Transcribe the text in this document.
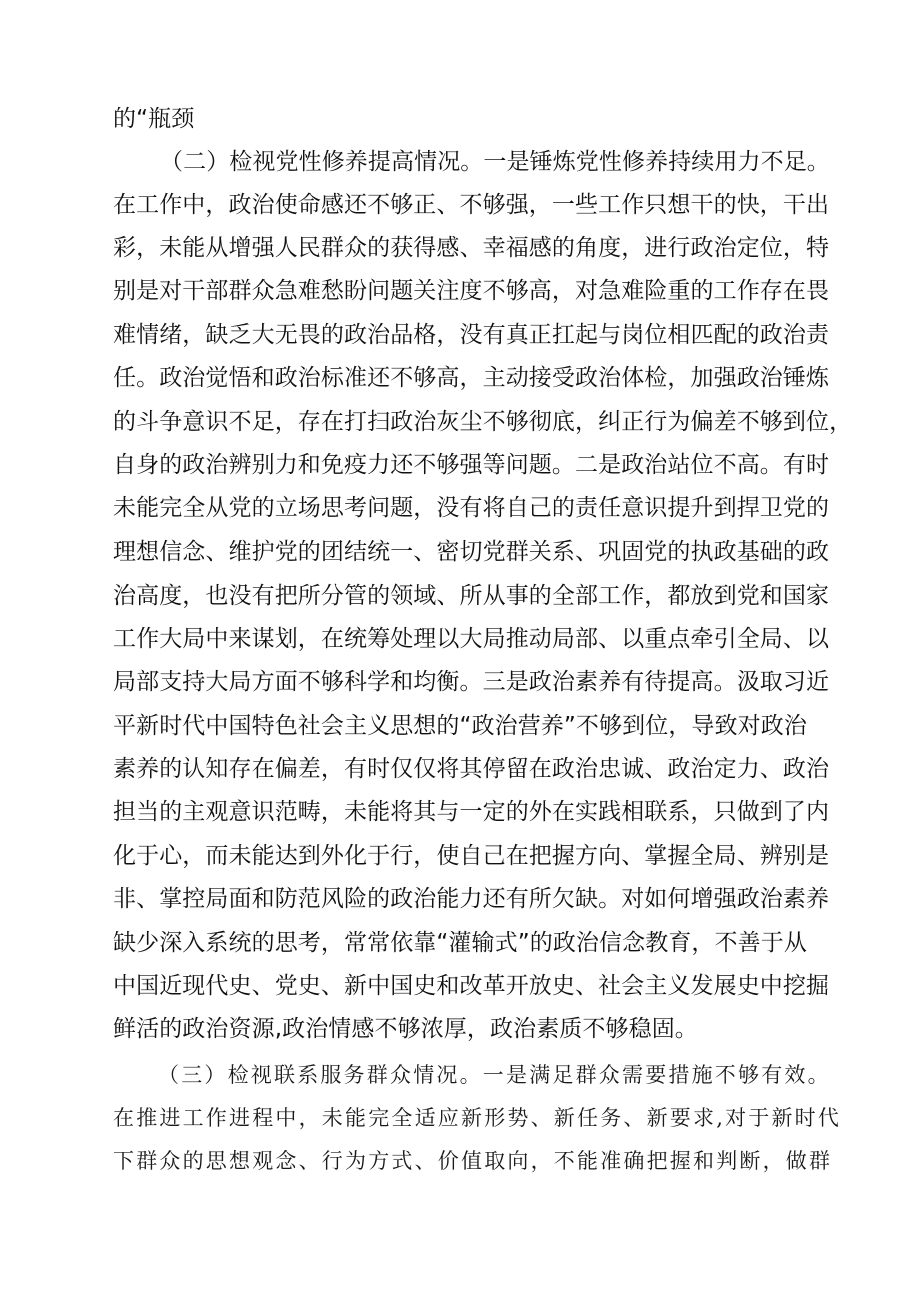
的“瓶颈
（二）检视党性修养提高情况。一是锤炼党性修养持续用力不足。
在工作中，政治使命感还不够正、不够强，一些工作只想干的快，干出
彩，未能从增强人民群众的获得感、幸福感的角度，进行政治定位，特
别是对干部群众急难愁盼问题关注度不够高，对急难险重的工作存在畏
难情绪，缺乏大无畏的政治品格，没有真正扛起与岗位相匹配的政治责
任。政治觉悟和政治标准还不够高，主动接受政治体检，加强政治锤炼
的斗争意识不足，存在打扫政治灰尘不够彻底，纠正行为偏差不够到位，
自身的政治辨别力和免疫力还不够强等问题。二是政治站位不高。有时
未能完全从党的立场思考问题，没有将自己的责任意识提升到捍卫党的
理想信念、维护党的团结统一、密切党群关系、巩固党的执政基础的政
治高度，也没有把所分管的领域、所从事的全部工作，都放到党和国家
工作大局中来谋划，在统筹处理以大局推动局部、以重点牵引全局、以
局部支持大局方面不够科学和均衡。三是政治素养有待提高。汲取习近
平新时代中国特色社会主义思想的“政治营养”不够到位，导致对政治
素养的认知存在偏差，有时仅仅将其停留在政治忠诚、政治定力、政治
担当的主观意识范畴，未能将其与一定的外在实践相联系，只做到了内
化于心，而未能达到外化于行，使自己在把握方向、掌握全局、辨别是
非、掌控局面和防范风险的政治能力还有所欠缺。对如何增强政治素养
缺少深入系统的思考，常常依靠“灌输式”的政治信念教育，不善于从
中国近现代史、党史、新中国史和改革开放史、社会主义发展史中挖掘
鲜活的政治资源,政治情感不够浓厚，政治素质不够稳固。
（三）检视联系服务群众情况。一是满足群众需要措施不够有效。
在推进工作进程中，未能完全适应新形势、新任务、新要求,对于新时代
下群众的思想观念、行为方式、价值取向，不能准确把握和判断，做群
